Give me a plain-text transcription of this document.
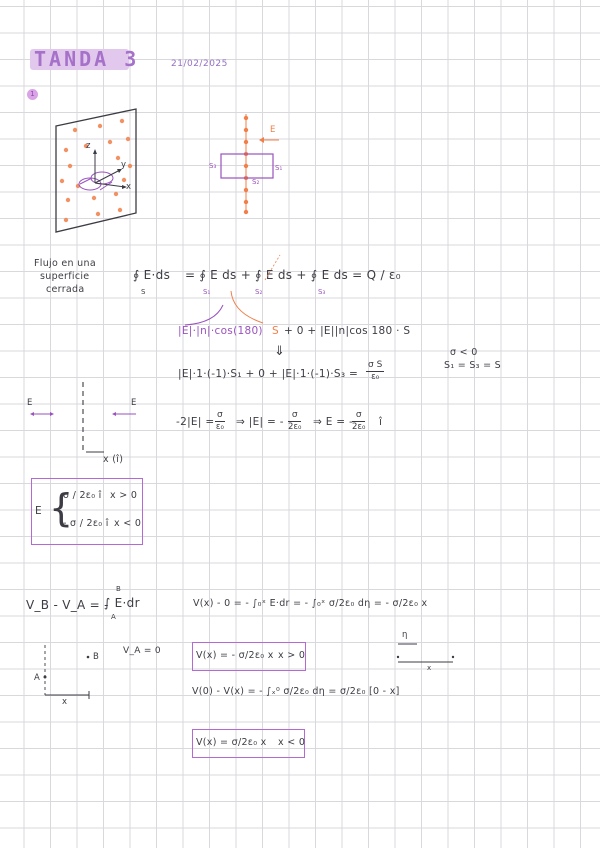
TANDA 3	21/02/2025
1
z
y
x
E
S₃	S₁
S₂
Flujo en una
superficie
cerrada
∮ E·ds
S
= ∮ E ds + ∮ E ds + ∮ E ds = Q / ε₀
S₁	S₂	S₃
|E|·|n|·cos(180) S + 0 + |E||n|cos 180 · S
⇓
$|E|\cdot 1\cdot(-1)\cdot S_1 + 0 + |E|\cdot 1\cdot(-1)\cdot S_3 = \frac{\text{σ S}}{\text{ε₀}}$
σ < 0
S₁ = S₃ = S
$-2|E| = \frac{\sigma}{\text{ε₀}}$ ⇒ |E| = - $\frac{\sigma}{\text{2ε₀}}$ ⇒ E = -
$\frac{\sigma}{\text{2ε₀}}$ î
E	E
x (î)
E {
σ / 2ε₀ î x > 0
- σ / 2ε₀ î x < 0
V_B - V_A = -
∫ E·dr
B
A
V_A = 0
A
B
x
V(x) - 0 = - ∫₀ˣ E·dr = - ∫₀ˣ σ/2ε₀ dη = - σ/2ε₀ x
V(x) = - σ/2ε₀ x x > 0
η
x
V(0) - V(x) = - ∫ₓ⁰ σ/2ε₀ dη = σ/2ε₀ [0 - x]
V(x) = σ/2ε₀ x x < 0
